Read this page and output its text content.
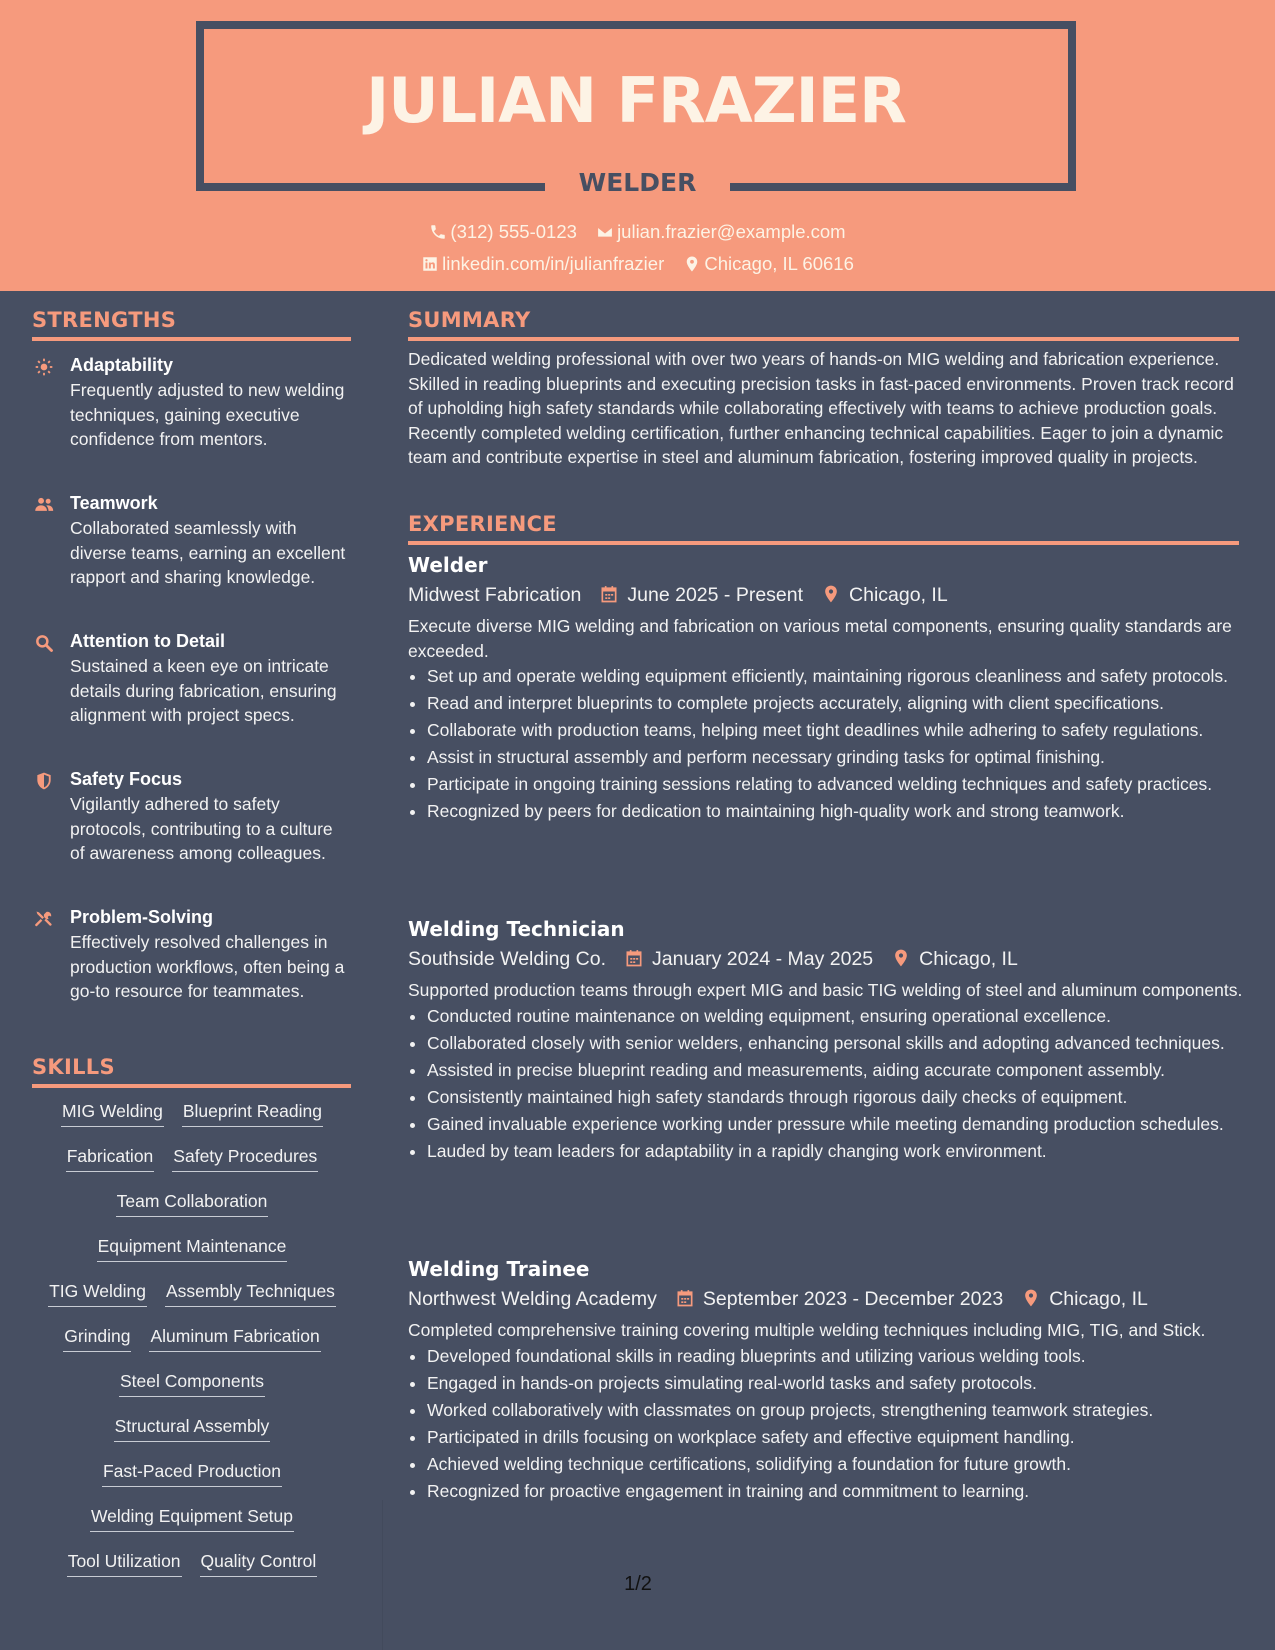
JULIAN FRAZIER
WELDER
(312) 555-0123 julian.frazier@example.com
linkedin.com/in/julianfrazier Chicago, IL 60616
STRENGTHS
Adaptability
Frequently adjusted to new welding techniques, gaining executive confidence from mentors.
Teamwork
Collaborated seamlessly with diverse teams, earning an excellent rapport and sharing knowledge.
Attention to Detail
Sustained a keen eye on intricate details during fabrication, ensuring alignment with project specs.
Safety Focus
Vigilantly adhered to safety protocols, contributing to a culture of awareness among colleagues.
Problem-Solving
Effectively resolved challenges in production workflows, often being a go-to resource for teammates.
SKILLS
MIG Welding Blueprint Reading
Fabrication Safety Procedures
Team Collaboration
Equipment Maintenance
TIG Welding Assembly Techniques
Grinding Aluminum Fabrication
Steel Components
Structural Assembly
Fast-Paced Production
Welding Equipment Setup
Tool Utilization Quality Control
SUMMARY
Dedicated welding professional with over two years of hands-on MIG welding and fabrication experience. Skilled in reading blueprints and executing precision tasks in fast-paced environments. Proven track record of upholding high safety standards while collaborating effectively with teams to achieve production goals. Recently completed welding certification, further enhancing technical capabilities. Eager to join a dynamic team and contribute expertise in steel and aluminum fabrication, fostering improved quality in projects.
EXPERIENCE
Welder
Midwest Fabrication June 2025 - Present Chicago, IL
Execute diverse MIG welding and fabrication on various metal components, ensuring quality standards are exceeded.
• Set up and operate welding equipment efficiently, maintaining rigorous cleanliness and safety protocols.
• Read and interpret blueprints to complete projects accurately, aligning with client specifications.
• Collaborate with production teams, helping meet tight deadlines while adhering to safety regulations.
• Assist in structural assembly and perform necessary grinding tasks for optimal finishing.
• Participate in ongoing training sessions relating to advanced welding techniques and safety practices.
• Recognized by peers for dedication to maintaining high-quality work and strong teamwork.
Welding Technician
Southside Welding Co. January 2024 - May 2025 Chicago, IL
Supported production teams through expert MIG and basic TIG welding of steel and aluminum components.
• Conducted routine maintenance on welding equipment, ensuring operational excellence.
• Collaborated closely with senior welders, enhancing personal skills and adopting advanced techniques.
• Assisted in precise blueprint reading and measurements, aiding accurate component assembly.
• Consistently maintained high safety standards through rigorous daily checks of equipment.
• Gained invaluable experience working under pressure while meeting demanding production schedules.
• Lauded by team leaders for adaptability in a rapidly changing work environment.
Welding Trainee
Northwest Welding Academy September 2023 - December 2023 Chicago, IL
Completed comprehensive training covering multiple welding techniques including MIG, TIG, and Stick.
• Developed foundational skills in reading blueprints and utilizing various welding tools.
• Engaged in hands-on projects simulating real-world tasks and safety protocols.
• Worked collaboratively with classmates on group projects, strengthening teamwork strategies.
• Participated in drills focusing on workplace safety and effective equipment handling.
• Achieved welding technique certifications, solidifying a foundation for future growth.
• Recognized for proactive engagement in training and commitment to learning.
1/2
